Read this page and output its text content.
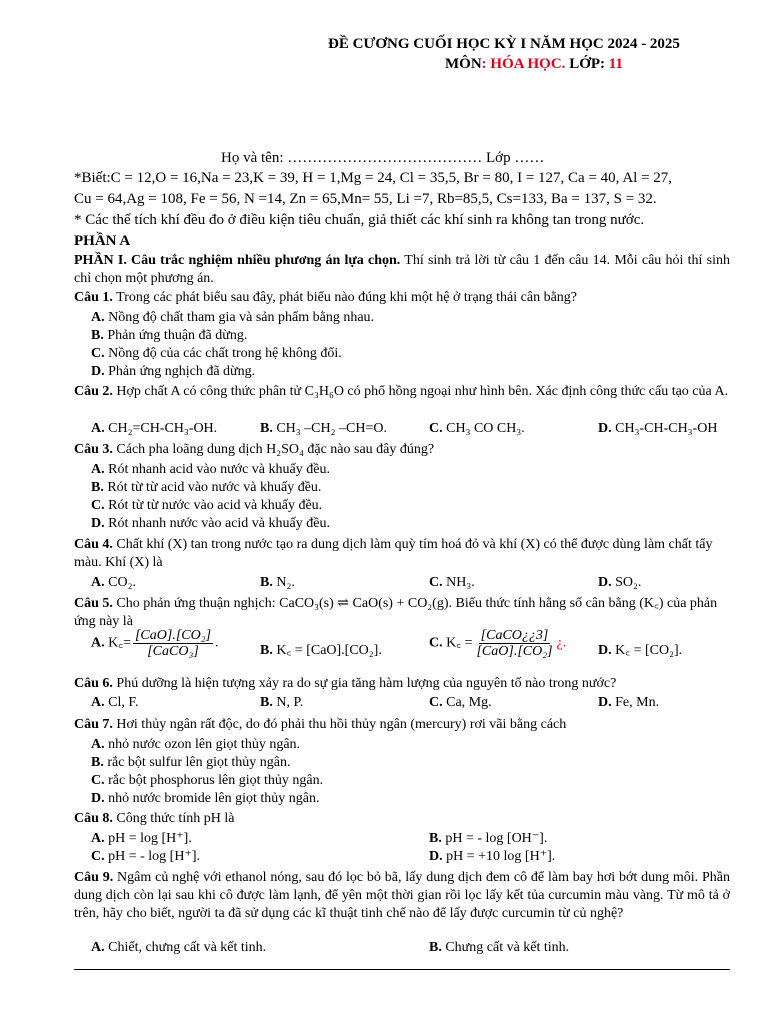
ĐỀ CƯƠNG CUỐI HỌC KỲ I NĂM HỌC 2024 - 2025
MÔN: HÓA HỌC. LỚP: 11
Họ và tên: ………………………………… Lớp ……
*Biết:C = 12,O = 16,Na = 23,K = 39, H = 1,Mg = 24, Cl = 35,5, Br = 80, I = 127, Ca = 40, Al = 27,
Cu = 64,Ag = 108, Fe = 56, N =14, Zn = 65,Mn= 55, Li =7, Rb=85,5, Cs=133, Ba = 137, S = 32.
* Các thể tích khí đều đo ở điều kiện tiêu chuẩn, giả thiết các khí sinh ra không tan trong nước.
PHẦN A
PHẦN I. Câu trắc nghiệm nhiều phương án lựa chọn. Thí sinh trả lời từ câu 1 đến câu 14. Mỗi câu hỏi thí sinh chỉ chọn một phương án.
Câu 1. Trong các phát biểu sau đây, phát biểu nào đúng khi một hệ ở trạng thái cân bằng?
A. Nồng độ chất tham gia và sản phẩm bằng nhau.
B. Phản ứng thuận đã dừng.
C. Nồng độ của các chất trong hệ không đổi.
D. Phản ứng nghịch đã dừng.
Câu 2. Hợp chất A có công thức phân tử C₃H₆O có phổ hồng ngoại như hình bên. Xác định công thức cấu tạo của A.
A. CH₂=CH-CH₃-OH.	B. CH₃ –CH₂ –CH=O.	C. CH₃ CO CH₃.	D. CH₃-CH-CH₃-OH
Câu 3. Cách pha loãng dung dịch H₂SO₄ đặc nào sau đây đúng?
A. Rót nhanh acid vào nước và khuấy đều.
B. Rót từ từ acid vào nước và khuấy đều.
C. Rót từ từ nước vào acid và khuấy đều.
D. Rót nhanh nước vào acid và khuấy đều.
Câu 4. Chất khí (X) tan trong nước tạo ra dung dịch làm quỳ tím hoá đỏ và khí (X) có thể được dùng làm chất tẩy màu. Khí (X) là
A. CO₂.	B. N₂.	C. NH₃.	D. SO₂.
Câu 5. Cho phản ứng thuận nghịch: CaCO₃(s) ⇌ CaO(s) + CO₂(g). Biểu thức tính hằng số cân bằng (K꜀) của phản ứng này là
A. K꜀= $\frac{\text{[CaO].[CO₂]}}{\text{[CaCO₃]}}$ .	B. K꜀ = [CaO].[CO₂].	C. K꜀ = $\frac{\text{[CaCO¿¿3]}}{\text{[CaO].[CO₂]}}$ ¿. D. K꜀ = [CO₂].
Câu 6. Phú dưỡng là hiện tượng xảy ra do sự gia tăng hàm lượng của nguyên tố nào trong nước?
A. Cl, F.	B. N, P.	C. Ca, Mg.	D. Fe, Mn.
Câu 7. Hơi thủy ngân rất độc, do đó phải thu hồi thủy ngân (mercury) rơi vãi bằng cách
A. nhỏ nước ozon lên giọt thủy ngân.
B. rắc bột sulfur lên giọt thủy ngân.
C. rắc bột phosphorus lên giọt thủy ngân.
D. nhỏ nước bromide lên giọt thủy ngân.
Câu 8. Công thức tính pH là
A. pH = log [H⁺].	B. pH = - log [OH⁻].
C. pH = - log [H⁺].	D. pH = +10 log [H⁺].
Câu 9. Ngâm củ nghệ với ethanol nóng, sau đó lọc bỏ bã, lấy dung dịch đem cô để làm bay hơi bớt dung môi. Phần dung dịch còn lại sau khi cô được làm lạnh, để yên một thời gian rồi lọc lấy kết tủa curcumin màu vàng. Từ mô tả ở trên, hãy cho biết, người ta đã sử dụng các kĩ thuật tinh chế nào để lấy được curcumin từ củ nghệ?
A. Chiết, chưng cất và kết tinh.	B. Chưng cất và kết tinh.
